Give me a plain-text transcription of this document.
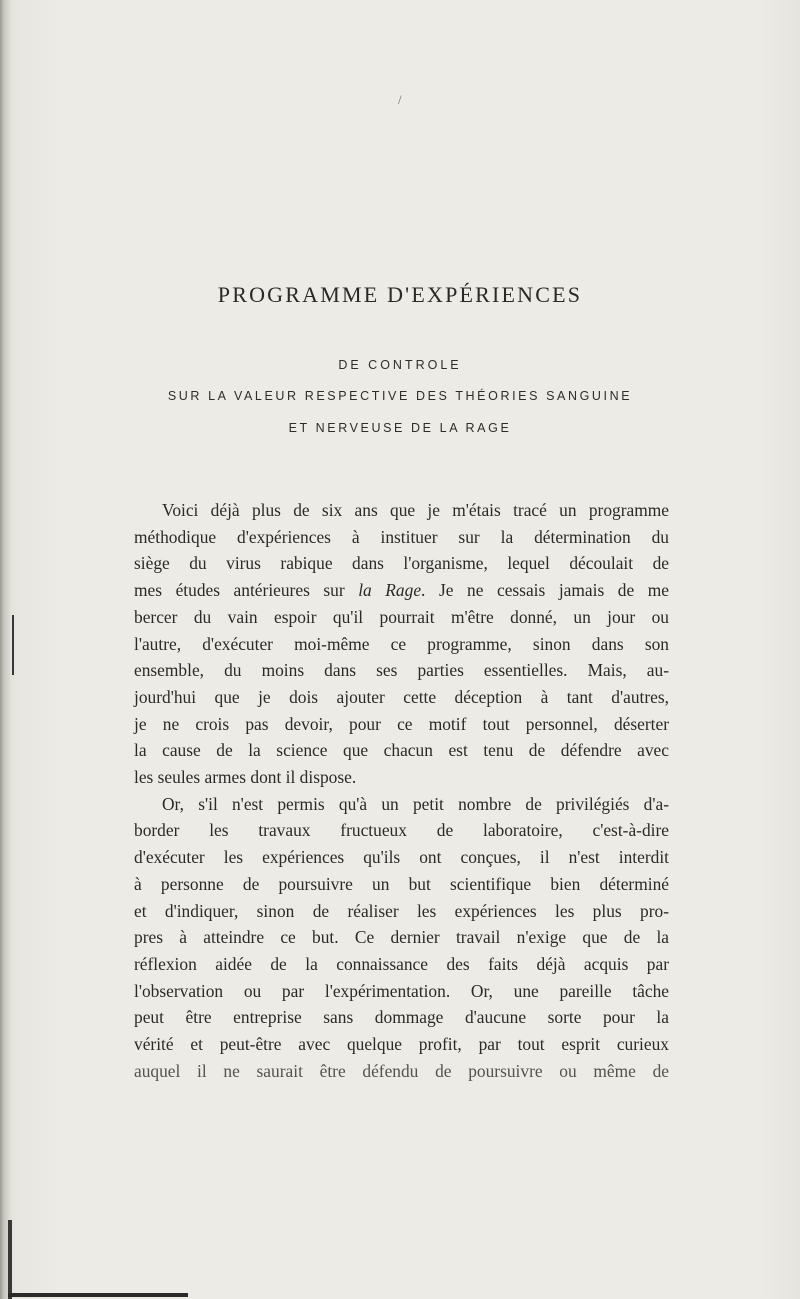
/
PROGRAMME D'EXPÉRIENCES
DE CONTROLE
SUR LA VALEUR RESPECTIVE DES THÉORIES SANGUINE
ET NERVEUSE DE LA RAGE
Voici déjà plus de six ans que je m'étais tracé un programme
méthodique d'expériences à instituer sur la détermination du
siège du virus rabique dans l'organisme, lequel découlait de
mes études antérieures sur la Rage. Je ne cessais jamais de me
bercer du vain espoir qu'il pourrait m'être donné, un jour ou
l'autre, d'exécuter moi-même ce programme, sinon dans son
ensemble, du moins dans ses parties essentielles. Mais, au-
jourd'hui que je dois ajouter cette déception à tant d'autres,
je ne crois pas devoir, pour ce motif tout personnel, déserter
la cause de la science que chacun est tenu de défendre avec
les seules armes dont il dispose.
Or, s'il n'est permis qu'à un petit nombre de privilégiés d'a-
border les travaux fructueux de laboratoire, c'est-à-dire
d'exécuter les expériences qu'ils ont conçues, il n'est interdit
à personne de poursuivre un but scientifique bien déterminé
et d'indiquer, sinon de réaliser les expériences les plus pro-
pres à atteindre ce but. Ce dernier travail n'exige que de la
réflexion aidée de la connaissance des faits déjà acquis par
l'observation ou par l'expérimentation. Or, une pareille tâche
peut être entreprise sans dommage d'aucune sorte pour la
vérité et peut-être avec quelque profit, par tout esprit curieux
auquel il ne saurait être défendu de poursuivre ou même de
